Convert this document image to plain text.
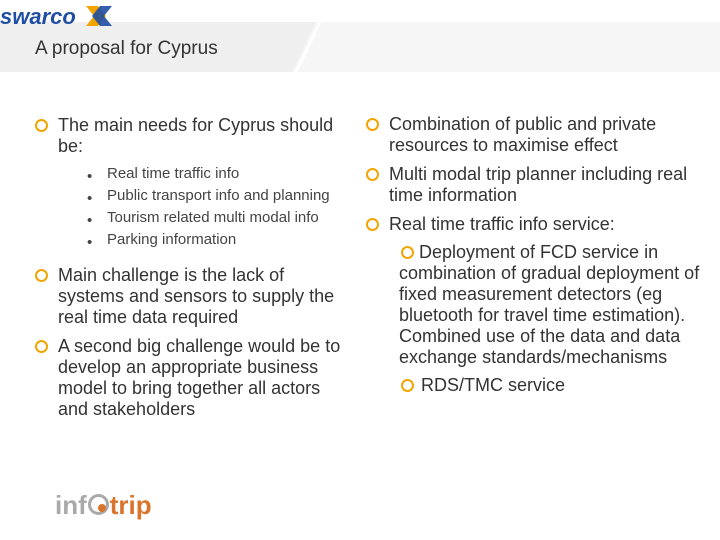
A proposal for Cyprus
swarco
The main needs for Cyprus should be:
• Real time traffic info
• Public transport info and planning
• Tourism related multi modal info
• Parking information
Main challenge is the lack of systems and sensors to supply the real time data required
A second big challenge would be to develop an appropriate business model to bring together all actors and stakeholders
Combination of public and private resources to maximise effect
Multi modal trip planner including real time information
Real time traffic info service:
Deployment of FCD service in combination of gradual deployment of fixed measurement detectors (eg bluetooth for travel time estimation). Combined use of the data and data exchange standards/mechanisms
RDS/TMC service
inf trip
